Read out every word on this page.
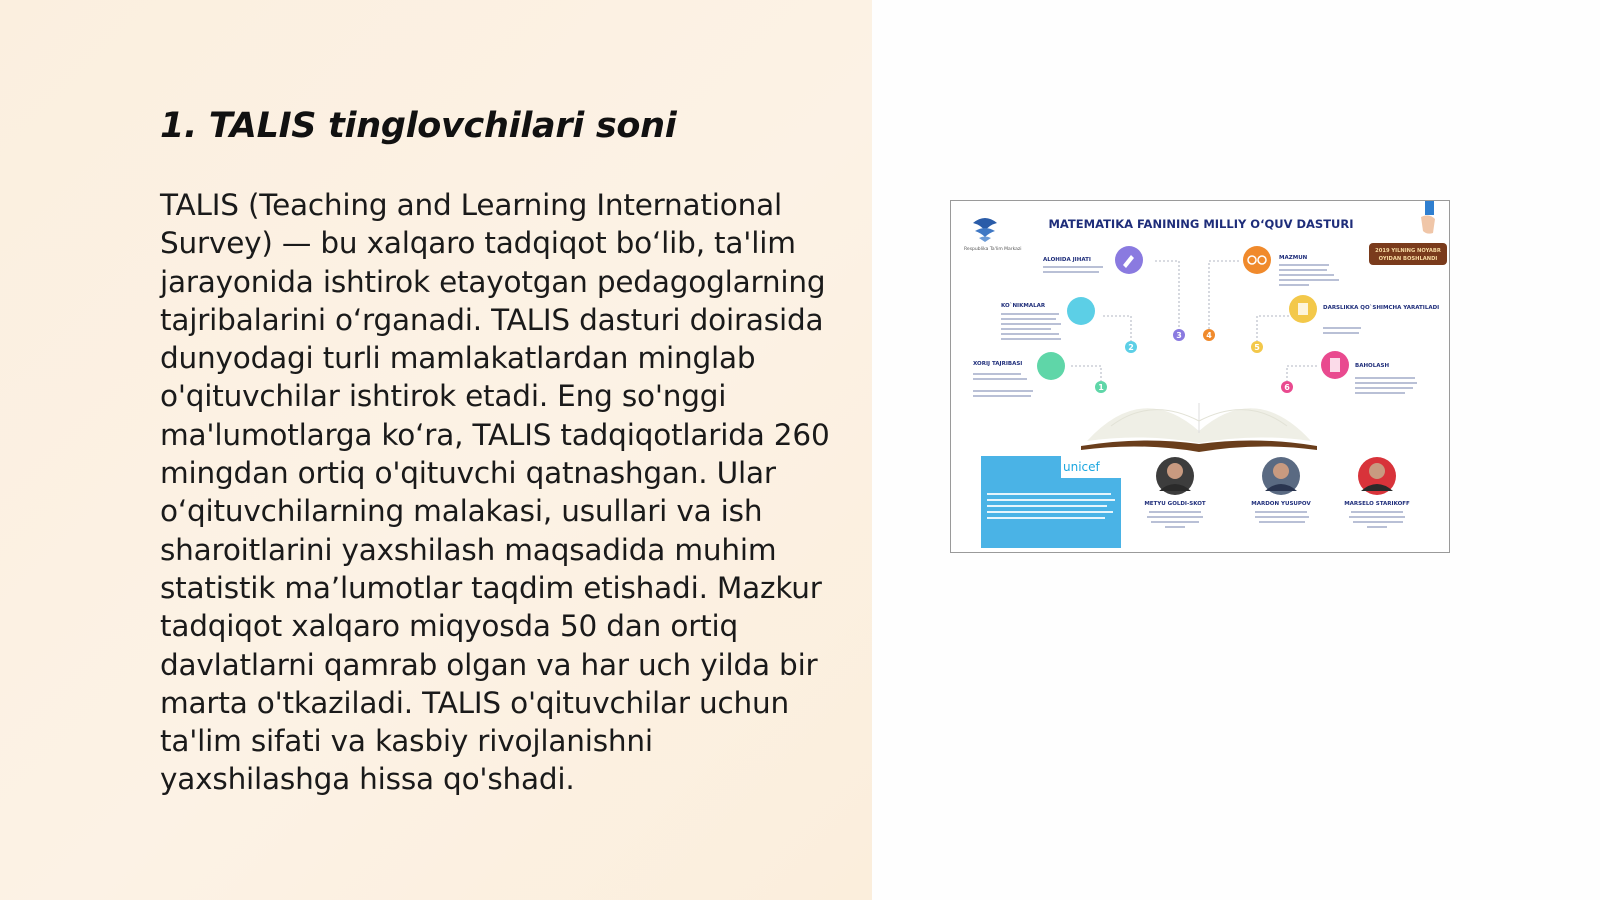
1. TALIS tinglovchilari soni

TALIS (Teaching and Learning International Survey) — bu xalqaro tadqiqot bo‘lib, ta'lim jarayonida ishtirok etayotgan pedagoglarning tajribalarini o‘rganadi. TALIS dasturi doirasida dunyodagi turli mamlakatlardan minglab o'qituvchilar ishtirok etadi. Eng so'nggi ma'lumotlarga ko‘ra, TALIS tadqiqotlarida 260 mingdan ortiq o'qituvchi qatnashgan. Ular o‘qituvchilarning malakasi, usullari va ish sharoitlarini yaxshilash maqsadida muhim statistik ma’lumotlar taqdim etishadi. Mazkur tadqiqot xalqaro miqyosda 50 dan ortiq davlatlarni qamrab olgan va har uch yilda bir marta o'tkaziladi. TALIS o'qituvchilar uchun ta'lim sifati va kasbiy rivojlanishni yaxshilashga hissa qo'shadi.

Respublika Ta'lim Markazi
MATEMATIKA FANINING MILLIY O‘QUV DASTURI
2019 YILNING NOYABR
OYIDAN BOSHLANDI
ALOHIDA JIHATI
KO`NIKMALAR
XORIJ TAJRIBASI
MAZMUN
DARSLIKKA QO`SHIMCHA YARATILADI
BAHOLASH
3
2
1
4
5
6
unicef
METYU GOLDI-SKOT	MARDON YUSUPOV	MARSELO STARIKOFF
